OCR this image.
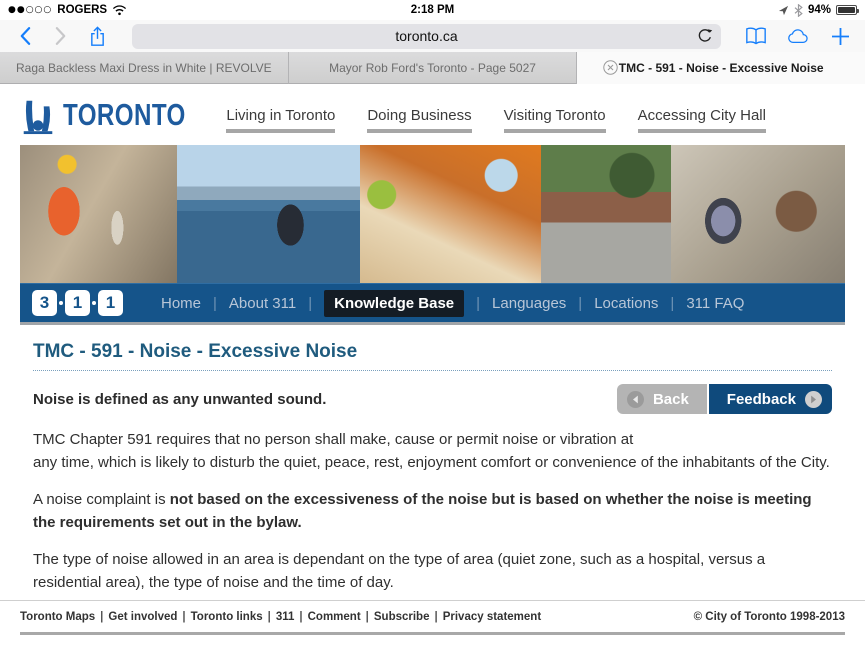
●●○○○ ROGERS	2:18 PM	94%
toronto.ca
Raga Backless Maxi Dress in White | REVOLVE	Mayor Rob Ford's Toronto - Page 5027	TMC - 591 - Noise - Excessive Noise
TORONTO	Living in Toronto Doing Business Visiting Toronto Accessing City Hall
3	1	1	Home | About 311 |	Knowledge Base	| Languages | Locations | 311 FAQ
TMC - 591 - Noise - Excessive Noise
Noise is defined as any unwanted sound.	Back	Feedback

TMC Chapter 591 requires that no person shall make, cause or permit noise or vibration at
any time, which is likely to disturb the quiet, peace, rest, enjoyment comfort or convenience of the inhabitants of the City.

A noise complaint is not based on the excessiveness of the noise but is based on whether the noise is meeting the requirements set out in the bylaw.

The type of noise allowed in an area is dependant on the type of area (quiet zone, such as a hospital, versus a residential area), the type of noise and the time of day.

Toronto Maps | Get involved | Toronto links | 311 | Comment | Subscribe | Privacy statement	© City of Toronto 1998-2013
